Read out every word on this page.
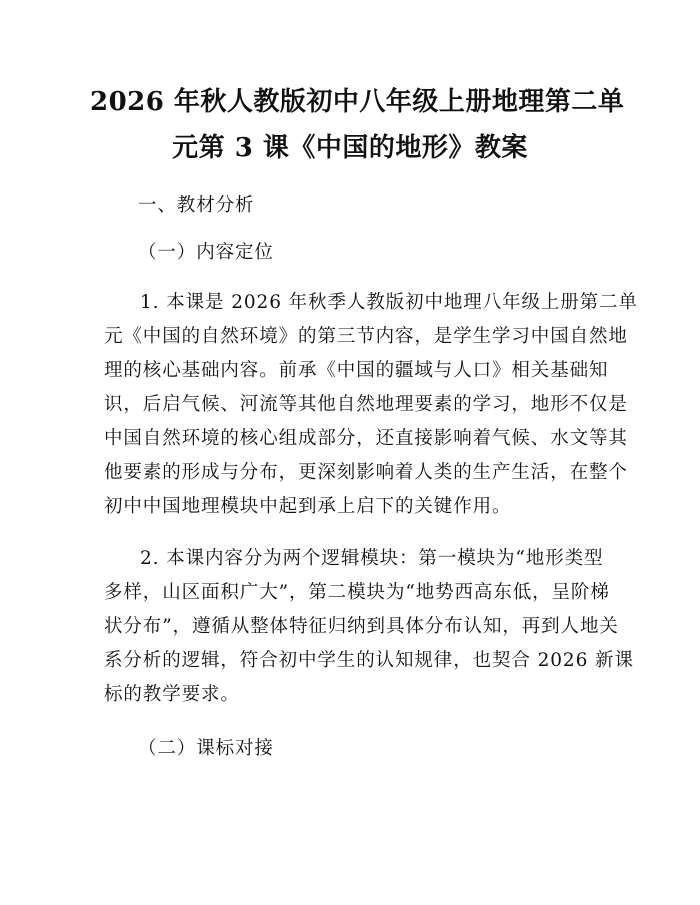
2026 年秋人教版初中八年级上册地理第二单
元第 3 课《中国的地形》教案
一、教材分析
（一）内容定位
1. 本课是 2026 年秋季人教版初中地理八年级上册第二单
元《中国的自然环境》的第三节内容，是学生学习中国自然地
理的核心基础内容。前承《中国的疆域与人口》相关基础知
识，后启气候、河流等其他自然地理要素的学习，地形不仅是
中国自然环境的核心组成部分，还直接影响着气候、水文等其
他要素的形成与分布，更深刻影响着人类的生产生活，在整个
初中中国地理模块中起到承上启下的关键作用。
2. 本课内容分为两个逻辑模块：第一模块为“地形类型
多样，山区面积广大”，第二模块为“地势西高东低，呈阶梯
状分布”，遵循从整体特征归纳到具体分布认知，再到人地关
系分析的逻辑，符合初中学生的认知规律，也契合 2026 新课
标的教学要求。
（二）课标对接
